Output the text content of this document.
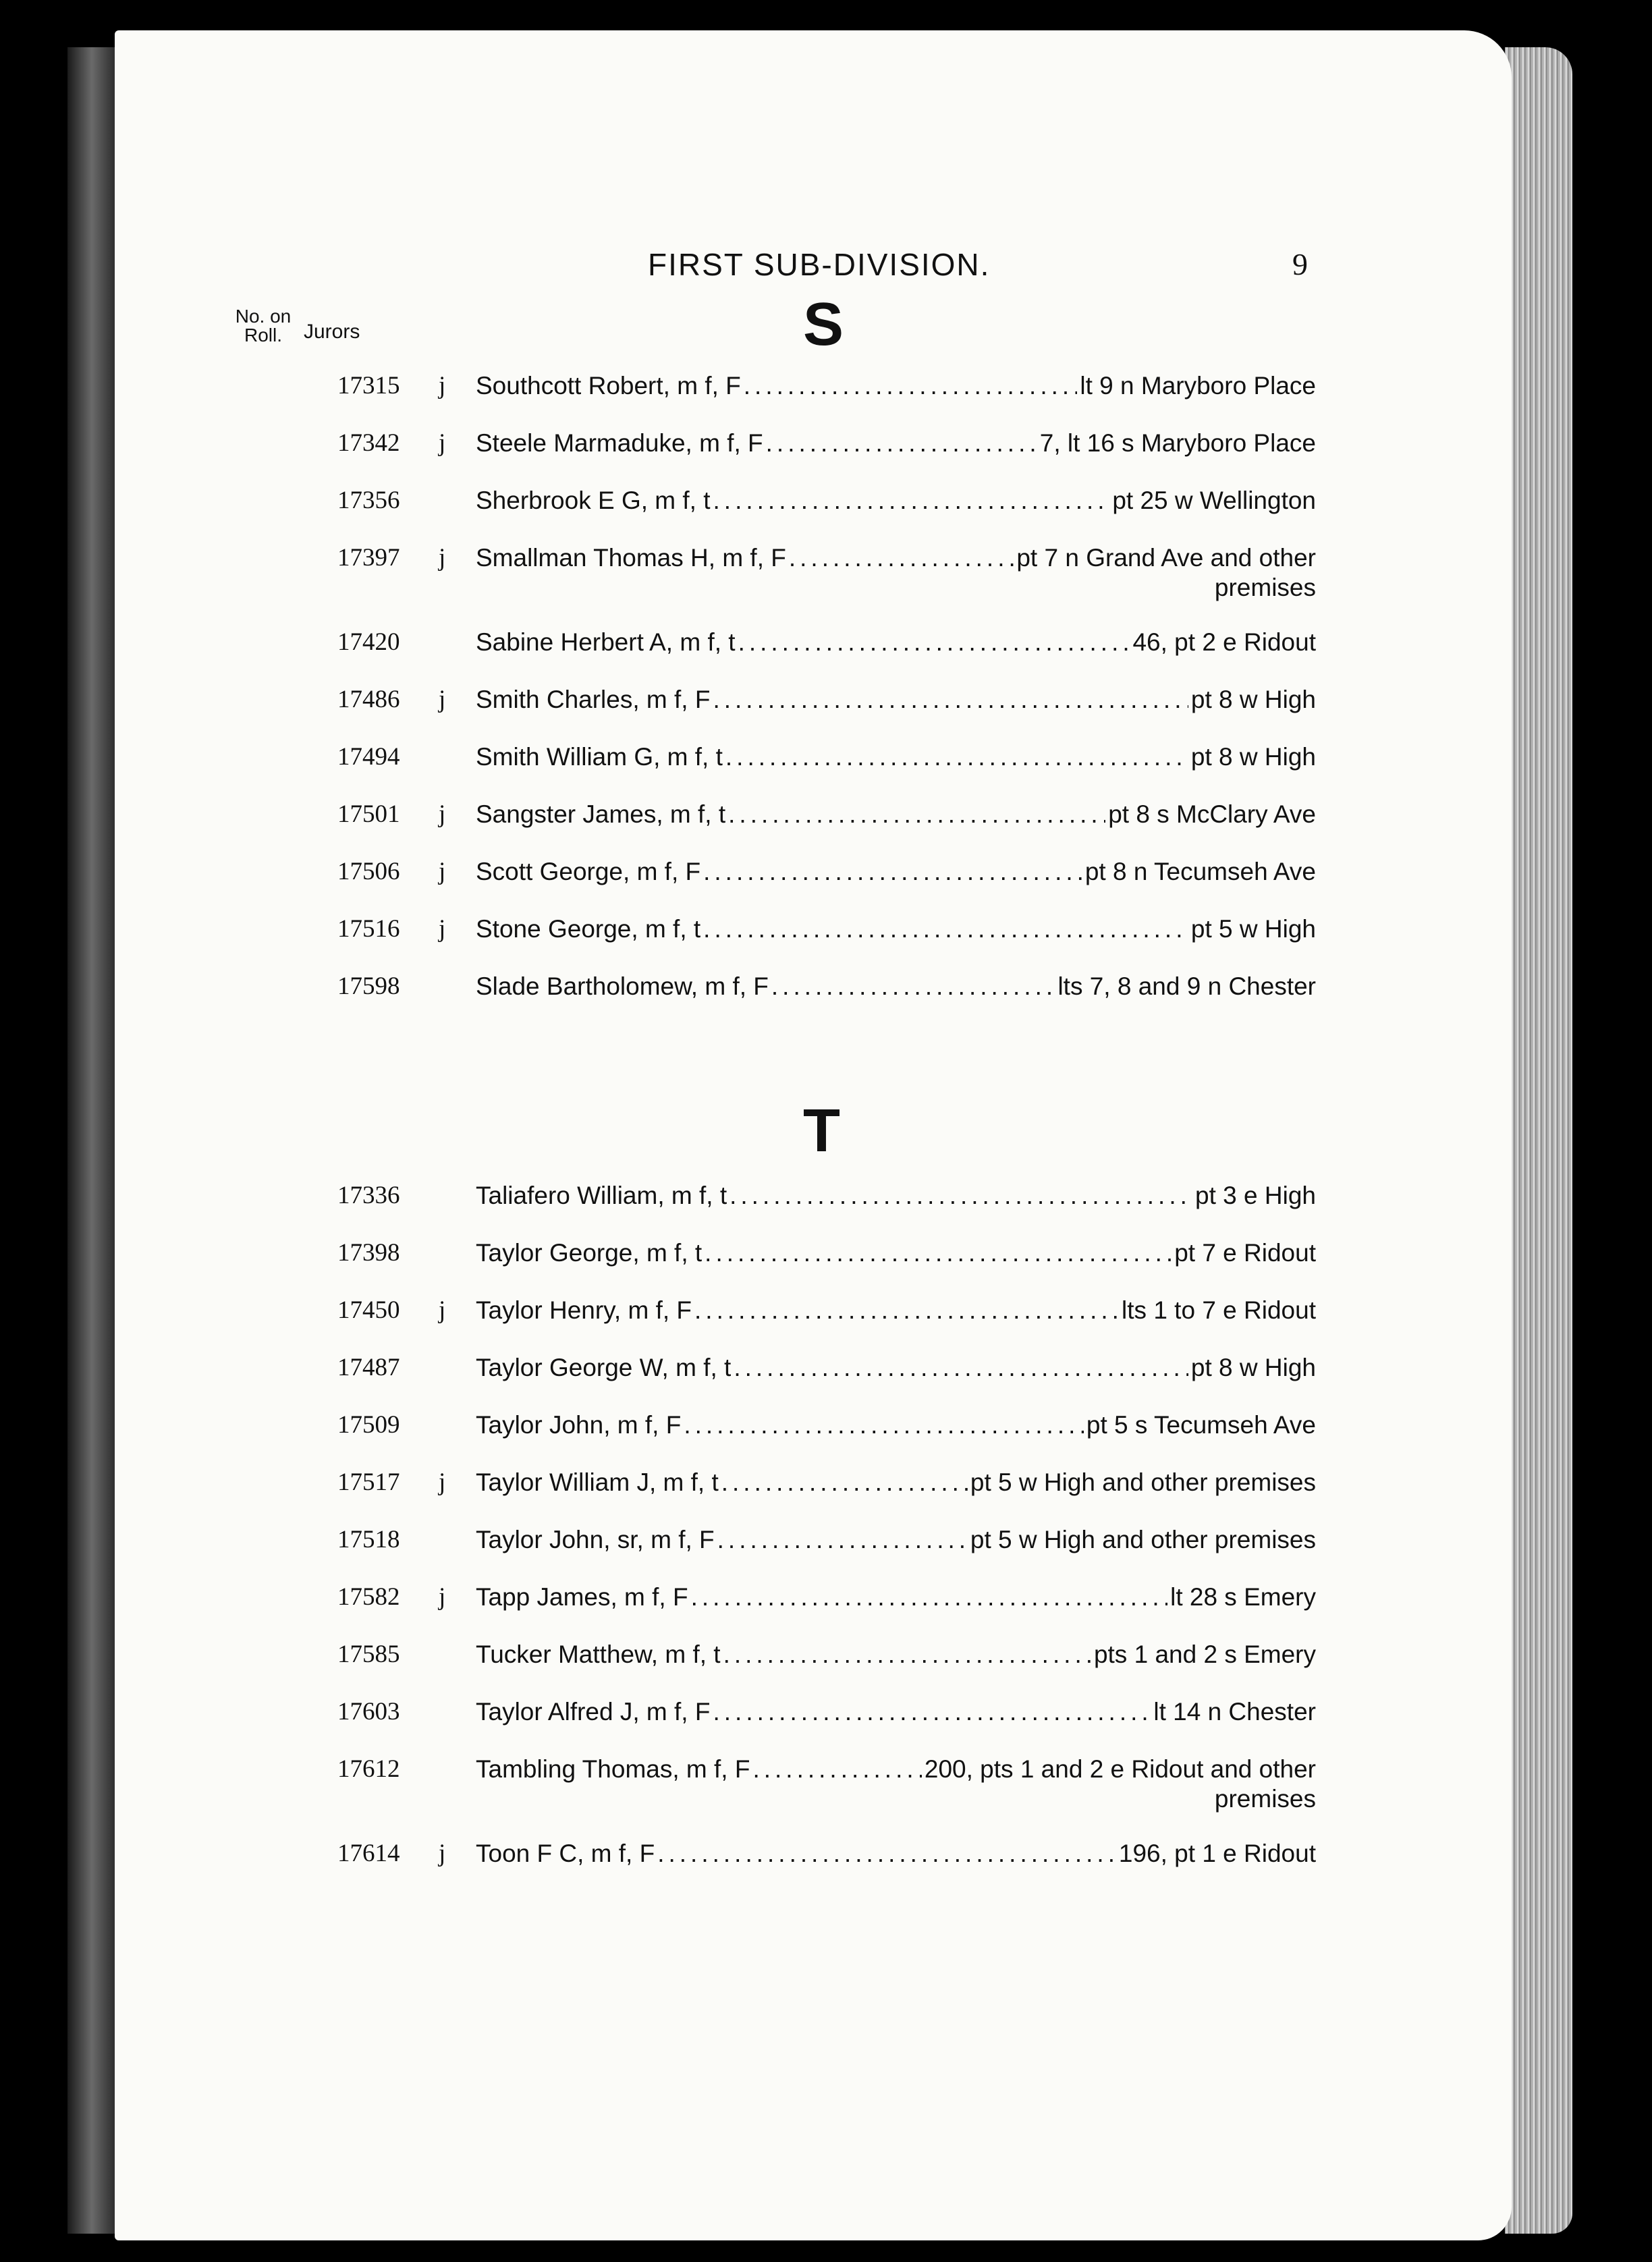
FIRST SUB-DIVISION.	9
No. on
Roll.	Jurors	S
17315	j	Southcott Robert, m f, F .....	lt 9 n Maryboro Place
17342	j	Steele Marmaduke, m f, F .....	7, lt 16 s Maryboro Place
17356	Sherbrook E G, m f, t .....	pt 25 w Wellington
17397	j	Smallman Thomas H, m f, F .....	pt 7 n Grand Ave and other
premises
17420	Sabine Herbert A, m f, t .....	46, pt 2 e Ridout
17486	j	Smith Charles, m f, F .....	pt 8 w High
17494	Smith William G, m f, t .....	pt 8 w High
17501	j	Sangster James, m f, t .....	pt 8 s McClary Ave
17506	j	Scott George, m f, F .....	pt 8 n Tecumseh Ave
17516	j	Stone George, m f, t .....	pt 5 w High
17598	Slade Bartholomew, m f, F .....	lts 7, 8 and 9 n Chester
T
17336	Taliafero William, m f, t .....	pt 3 e High
17398	Taylor George, m f, t .....	pt 7 e Ridout
17450	j	Taylor Henry, m f, F .....	lts 1 to 7 e Ridout
17487	Taylor George W, m f, t .....	pt 8 w High
17509	Taylor John, m f, F .....	pt 5 s Tecumseh Ave
17517	j	Taylor William J, m f, t .....	pt 5 w High and other premises
17518	Taylor John, sr, m f, F .....	pt 5 w High and other premises
17582	j	Tapp James, m f, F .....	lt 28 s Emery
17585	Tucker Matthew, m f, t .....	pts 1 and 2 s Emery
17603	Taylor Alfred J, m f, F .....	lt 14 n Chester
17612	Tambling Thomas, m f, F .....	200, pts 1 and 2 e Ridout and other
premises
17614	j	Toon F C, m f, F .....	196, pt 1 e Ridout
